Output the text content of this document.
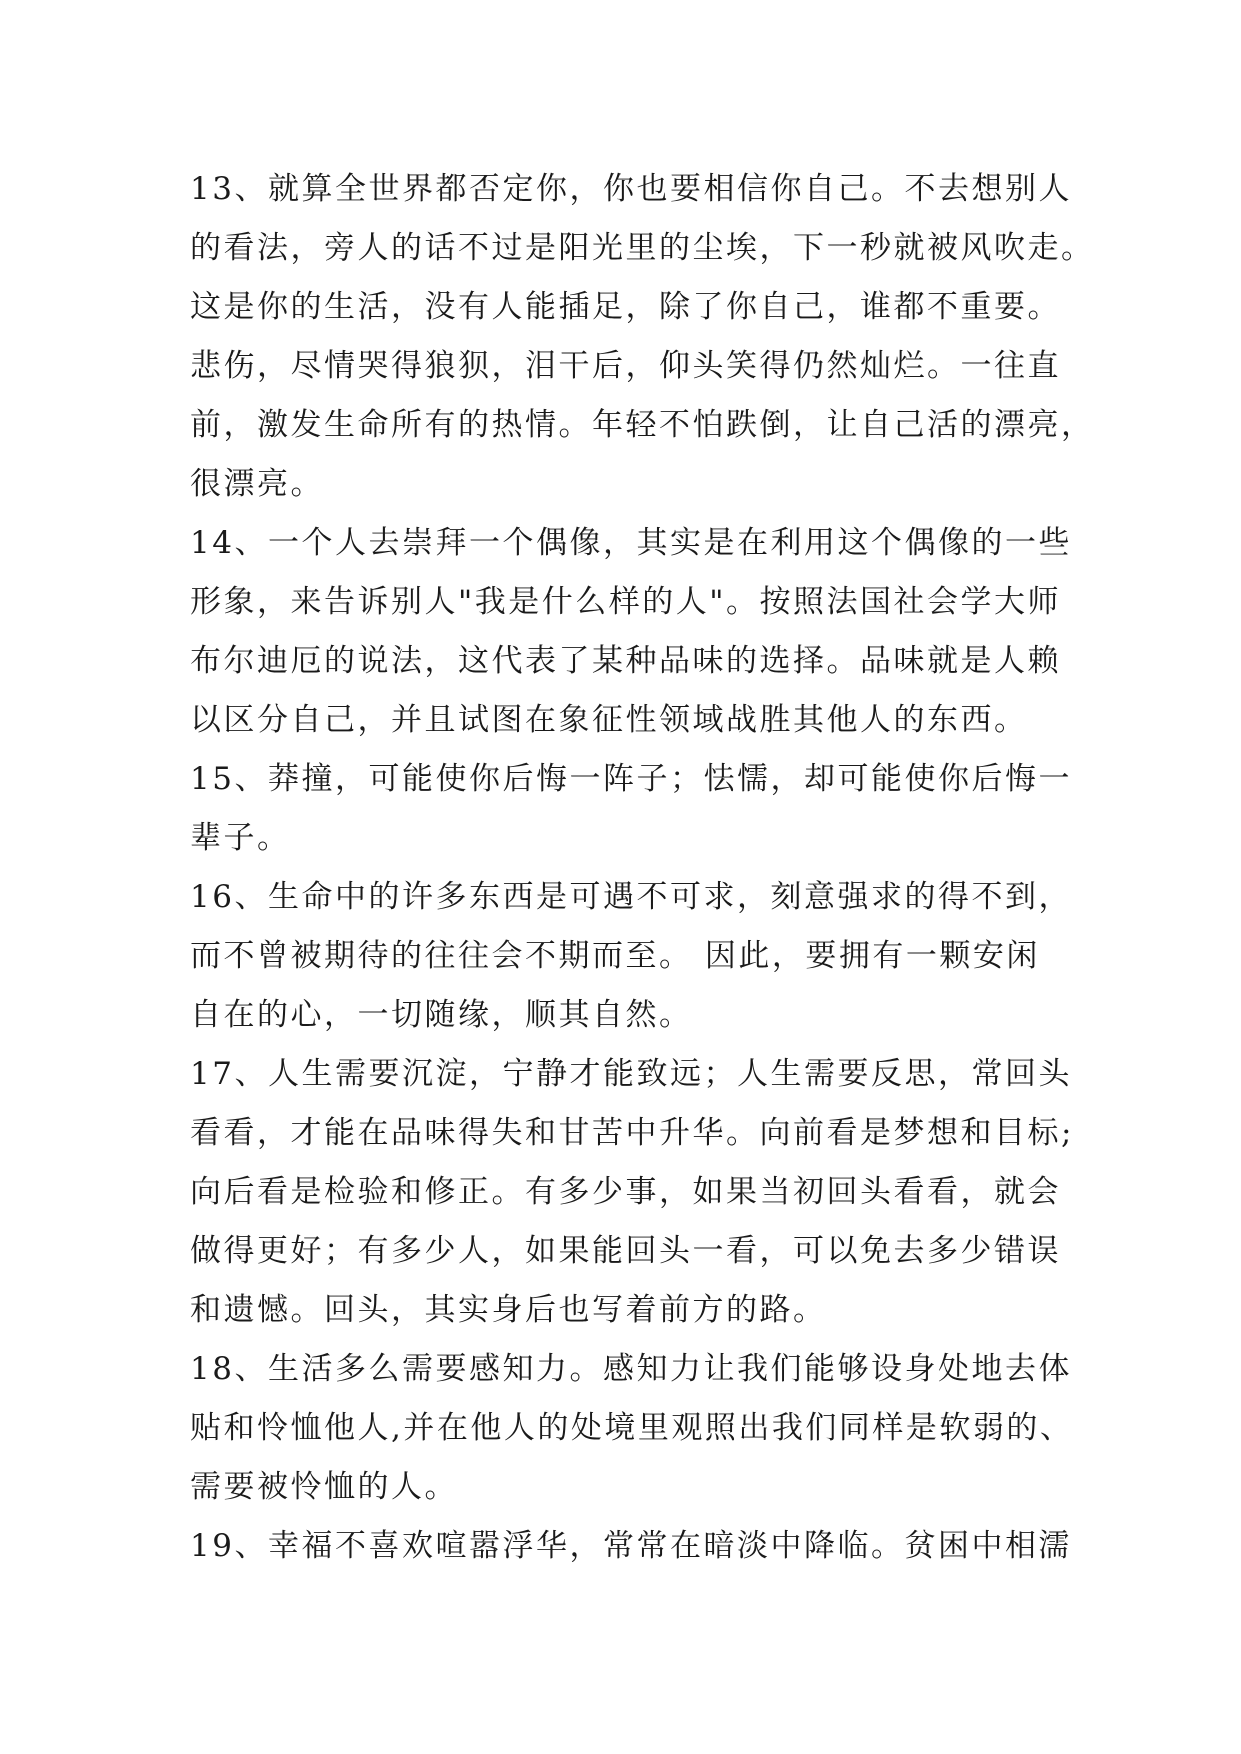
13、就算全世界都否定你，你也要相信你自己。不去想别人
的看法，旁人的话不过是阳光里的尘埃，下一秒就被风吹走。
这是你的生活，没有人能插足，除了你自己，谁都不重要。
悲伤，尽情哭得狼狈，泪干后，仰头笑得仍然灿烂。一往直
前，激发生命所有的热情。年轻不怕跌倒，让自己活的漂亮，
很漂亮。
14、一个人去崇拜一个偶像，其实是在利用这个偶像的一些
形象，来告诉别人"我是什么样的人"。按照法国社会学大师
布尔迪厄的说法，这代表了某种品味的选择。品味就是人赖
以区分自己，并且试图在象征性领域战胜其他人的东西。
15、莽撞，可能使你后悔一阵子；怯懦，却可能使你后悔一
辈子。
16、生命中的许多东西是可遇不可求，刻意强求的得不到，
而不曾被期待的往往会不期而至。 因此，要拥有一颗安闲
自在的心，一切随缘，顺其自然。
17、人生需要沉淀，宁静才能致远；人生需要反思，常回头
看看，才能在品味得失和甘苦中升华。向前看是梦想和目标;
向后看是检验和修正。有多少事，如果当初回头看看，就会
做得更好；有多少人，如果能回头一看，可以免去多少错误
和遗憾。回头，其实身后也写着前方的路。
18、生活多么需要感知力。感知力让我们能够设身处地去体
贴和怜恤他人,并在他人的处境里观照出我们同样是软弱的、
需要被怜恤的人。
19、幸福不喜欢喧嚣浮华，常常在暗淡中降临。贫困中相濡
